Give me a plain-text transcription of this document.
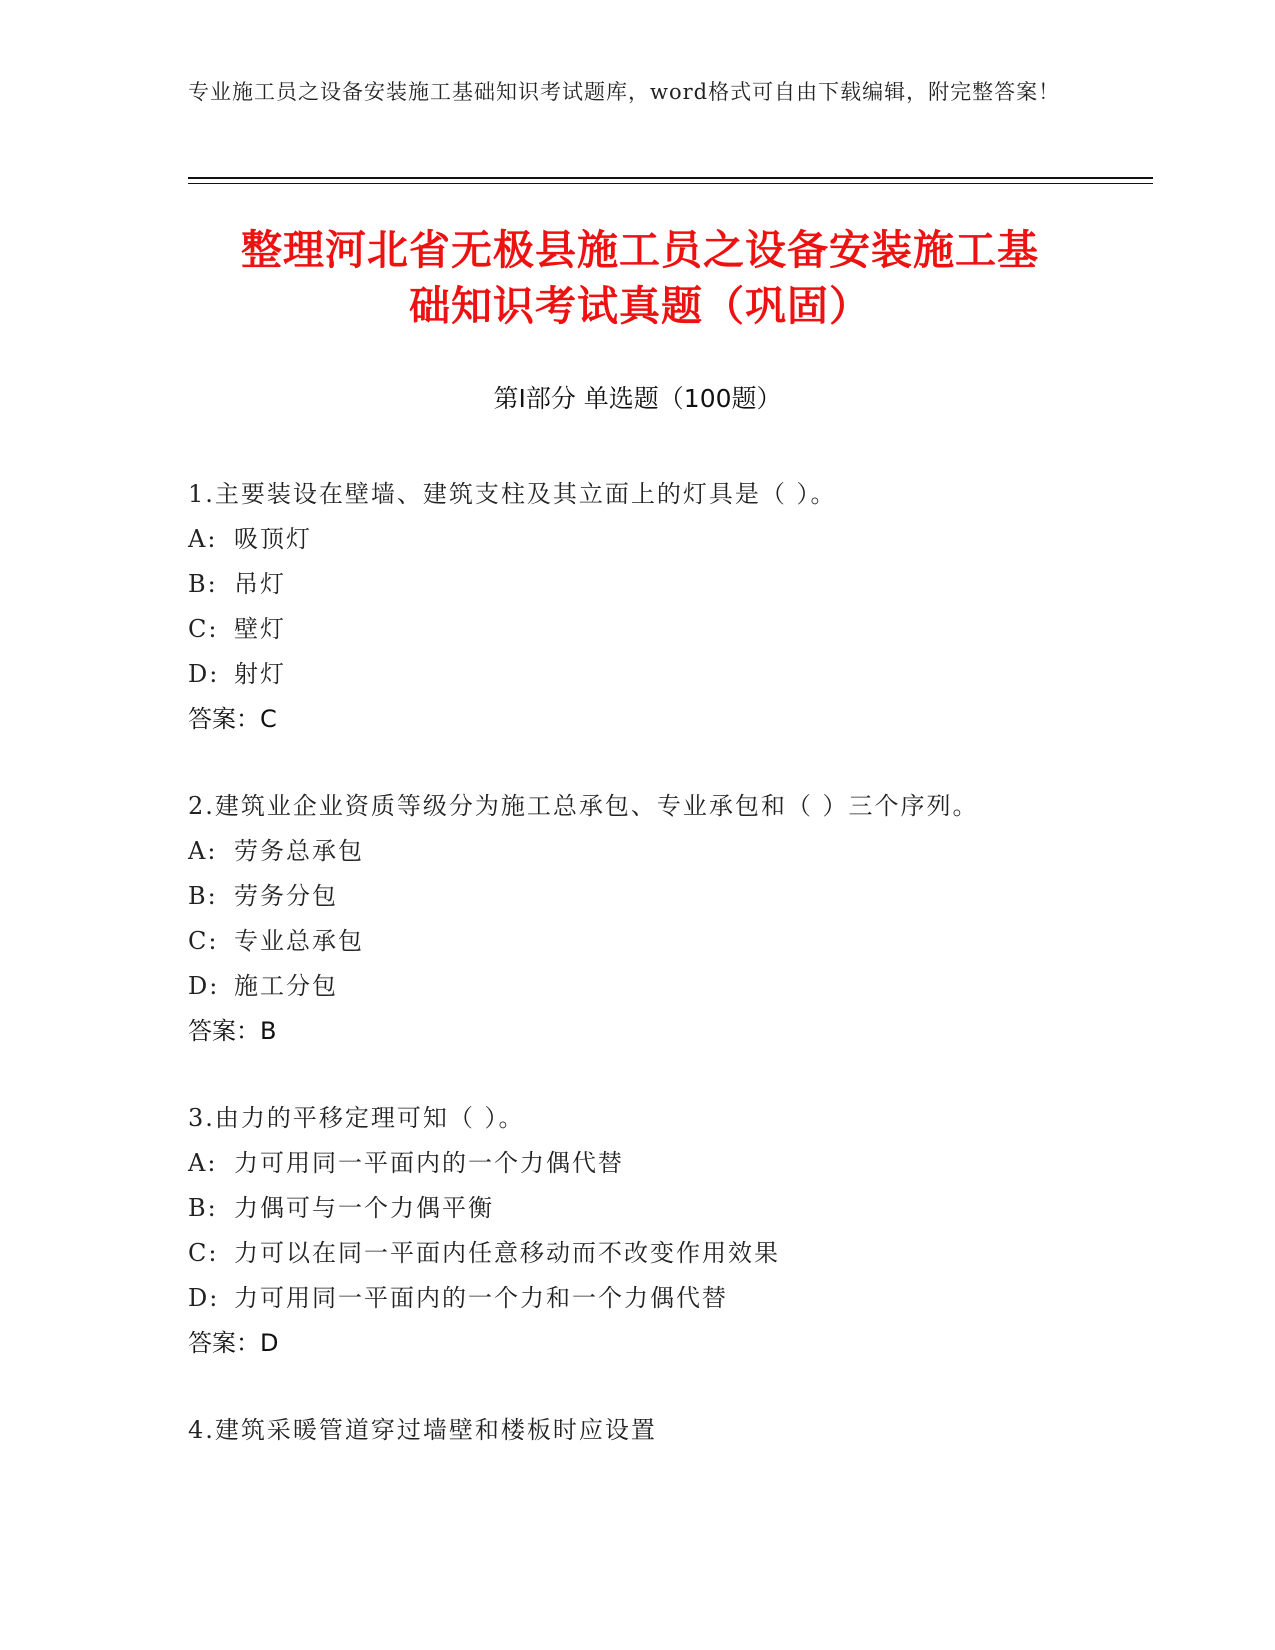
专业施工员之设备安装施工基础知识考试题库，word格式可自由下载编辑，附完整答案！
整理河北省无极县施工员之设备安装施工基
础知识考试真题（巩固）
第Ⅰ部分 单选题（100题）
1.主要装设在壁墙、建筑支柱及其立面上的灯具是（ ）。
A: 吸顶灯
B: 吊灯
C: 壁灯
D: 射灯
答案：C
2.建筑业企业资质等级分为施工总承包、专业承包和（ ）三个序列。
A: 劳务总承包
B: 劳务分包
C: 专业总承包
D: 施工分包
答案：B
3.由力的平移定理可知（ ）。
A: 力可用同一平面内的一个力偶代替
B: 力偶可与一个力偶平衡
C: 力可以在同一平面内任意移动而不改变作用效果
D: 力可用同一平面内的一个力和一个力偶代替
答案：D
4.建筑采暖管道穿过墙壁和楼板时应设置
